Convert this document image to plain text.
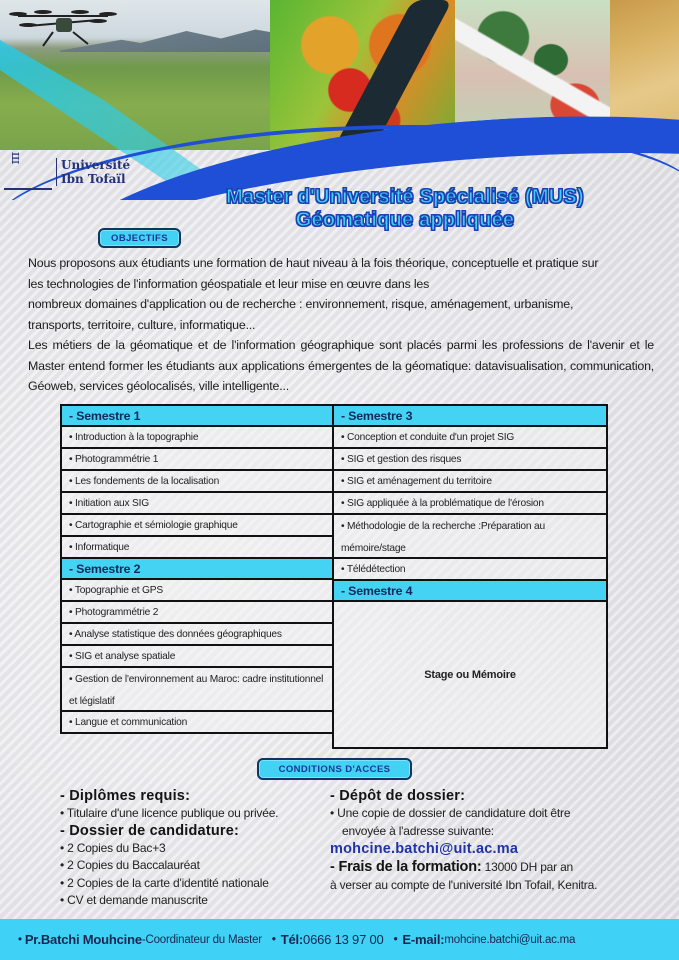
ш	Université
Ibn Tofaïl
Master d'Université Spécialisé (MUS)
Géomatique appliquée
OBJECTIFS
Nous proposons aux étudiants une formation de haut niveau à la fois théorique, conceptuelle et pratique sur
les technologies de l'information géospatiale et leur mise en œuvre dans les
nombreux domaines d'application ou de recherche : environnement, risque, aménagement, urbanisme,
transports, territoire, culture, informatique...

Les métiers de la géomatique et de l'information géographique sont placés parmi les professions de l'avenir et le Master entend former les étudiants aux applications émergentes de la géomatique: datavisualisation, communication, Géoweb, services géolocalisés, ville intelligente...

- Semestre 1
• Introduction à la topographie
• Photogrammétrie 1
• Les fondements de la localisation
• Initiation aux SIG
• Cartographie et sémiologie graphique
• Informatique
- Semestre 2
• Topographie et GPS
• Photogrammétrie 2
• Analyse statistique des données géographiques
• SIG et analyse spatiale
• Gestion de l'environnement au Maroc: cadre institutionnel et législatif
• Langue et communication
- Semestre 3
• Conception et conduite d'un projet SIG
• SIG et gestion des risques
• SIG et aménagement du territoire
• SIG appliquée à la problématique de l'érosion
• Méthodologie de la recherche :Préparation au mémoire/stage
• Télédétection
- Semestre 4
Stage ou Mémoire
CONDITIONS D'ACCES
- Diplômes requis:
• Titulaire d'une licence publique ou privée.
- Dossier de candidature:
• 2 Copies du Bac+3
• 2 Copies du Baccalauréat
• 2 Copies de la carte d'identité nationale
• CV et demande manuscrite
- Dépôt de dossier:
• Une copie de dossier de candidature doit être
envoyée à l'adresse suivante:
mohcine.batchi@uit.ac.ma
- Frais de la formation: 13000 DH par an
à verser au compte de l'université Ibn Tofail, Kenitra.
•
Pr.Batchi Mouhcine -Coordinateur du Master • Tél: 0666 13 97 00 • E-mail: mohcine.batchi@uit.ac.ma
